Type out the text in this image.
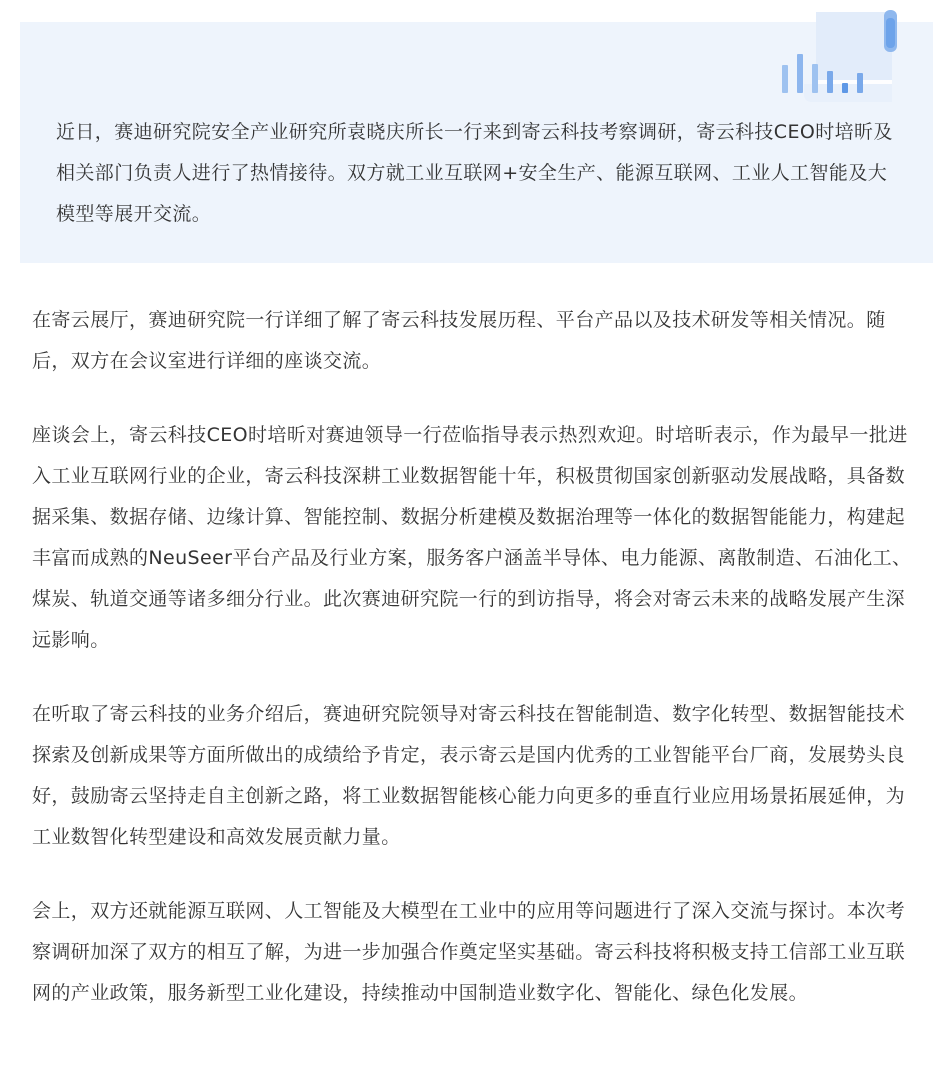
近日，赛迪研究院安全产业研究所袁晓庆所长一行来到寄云科技考察调研，寄云科技CEO时培昕及相关部门负责人进行了热情接待。双方就工业互联网+安全生产、能源互联网、工业人工智能及大模型等展开交流。

在寄云展厅，赛迪研究院一行详细了解了寄云科技发展历程、平台产品以及技术研发等相关情况。随后，双方在会议室进行详细的座谈交流。

座谈会上，寄云科技CEO时培昕对赛迪领导一行莅临指导表示热烈欢迎。时培昕表示，作为最早一批进入工业互联网行业的企业，寄云科技深耕工业数据智能十年，积极贯彻国家创新驱动发展战略，具备数据采集、数据存储、边缘计算、智能控制、数据分析建模及数据治理等一体化的数据智能能力，构建起丰富而成熟的NeuSeer平台产品及行业方案，服务客户涵盖半导体、电力能源、离散制造、石油化工、煤炭、轨道交通等诸多细分行业。此次赛迪研究院一行的到访指导，将会对寄云未来的战略发展产生深远影响。

在听取了寄云科技的业务介绍后，赛迪研究院领导对寄云科技在智能制造、数字化转型、数据智能技术探索及创新成果等方面所做出的成绩给予肯定，表示寄云是国内优秀的工业智能平台厂商，发展势头良好，鼓励寄云坚持走自主创新之路，将工业数据智能核心能力向更多的垂直行业应用场景拓展延伸，为工业数智化转型建设和高效发展贡献力量。

会上，双方还就能源互联网、人工智能及大模型在工业中的应用等问题进行了深入交流与探讨。本次考察调研加深了双方的相互了解，为进一步加强合作奠定坚实基础。寄云科技将积极支持工信部工业互联网的产业政策，服务新型工业化建设，持续推动中国制造业数字化、智能化、绿色化发展。
